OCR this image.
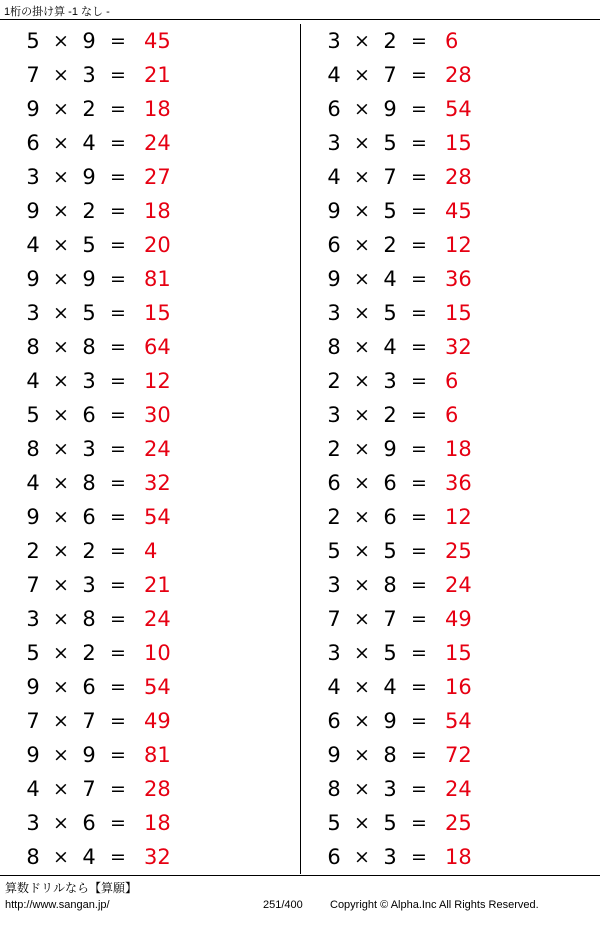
1桁の掛け算 -1 なし -
5 × 9 = 45
7 × 3 = 21
9 × 2 = 18
6 × 4 = 24
3 × 9 = 27
9 × 2 = 18
4 × 5 = 20
9 × 9 = 81
3 × 5 = 15
8 × 8 = 64
4 × 3 = 12
5 × 6 = 30
8 × 3 = 24
4 × 8 = 32
9 × 6 = 54
2 × 2 = 4
7 × 3 = 21
3 × 8 = 24
5 × 2 = 10
9 × 6 = 54
7 × 7 = 49
9 × 9 = 81
4 × 7 = 28
3 × 6 = 18
8 × 4 = 32
3 × 2 = 6
4 × 7 = 28
6 × 9 = 54
3 × 5 = 15
4 × 7 = 28
9 × 5 = 45
6 × 2 = 12
9 × 4 = 36
3 × 5 = 15
8 × 4 = 32
2 × 3 = 6
3 × 2 = 6
2 × 9 = 18
6 × 6 = 36
2 × 6 = 12
5 × 5 = 25
3 × 8 = 24
7 × 7 = 49
3 × 5 = 15
4 × 4 = 16
6 × 9 = 54
9 × 8 = 72
8 × 3 = 24
5 × 5 = 25
6 × 3 = 18
算数ドリルなら【算願】
http://www.sangan.jp/	251/400 Copyright © Alpha.Inc All Rights Reserved.
